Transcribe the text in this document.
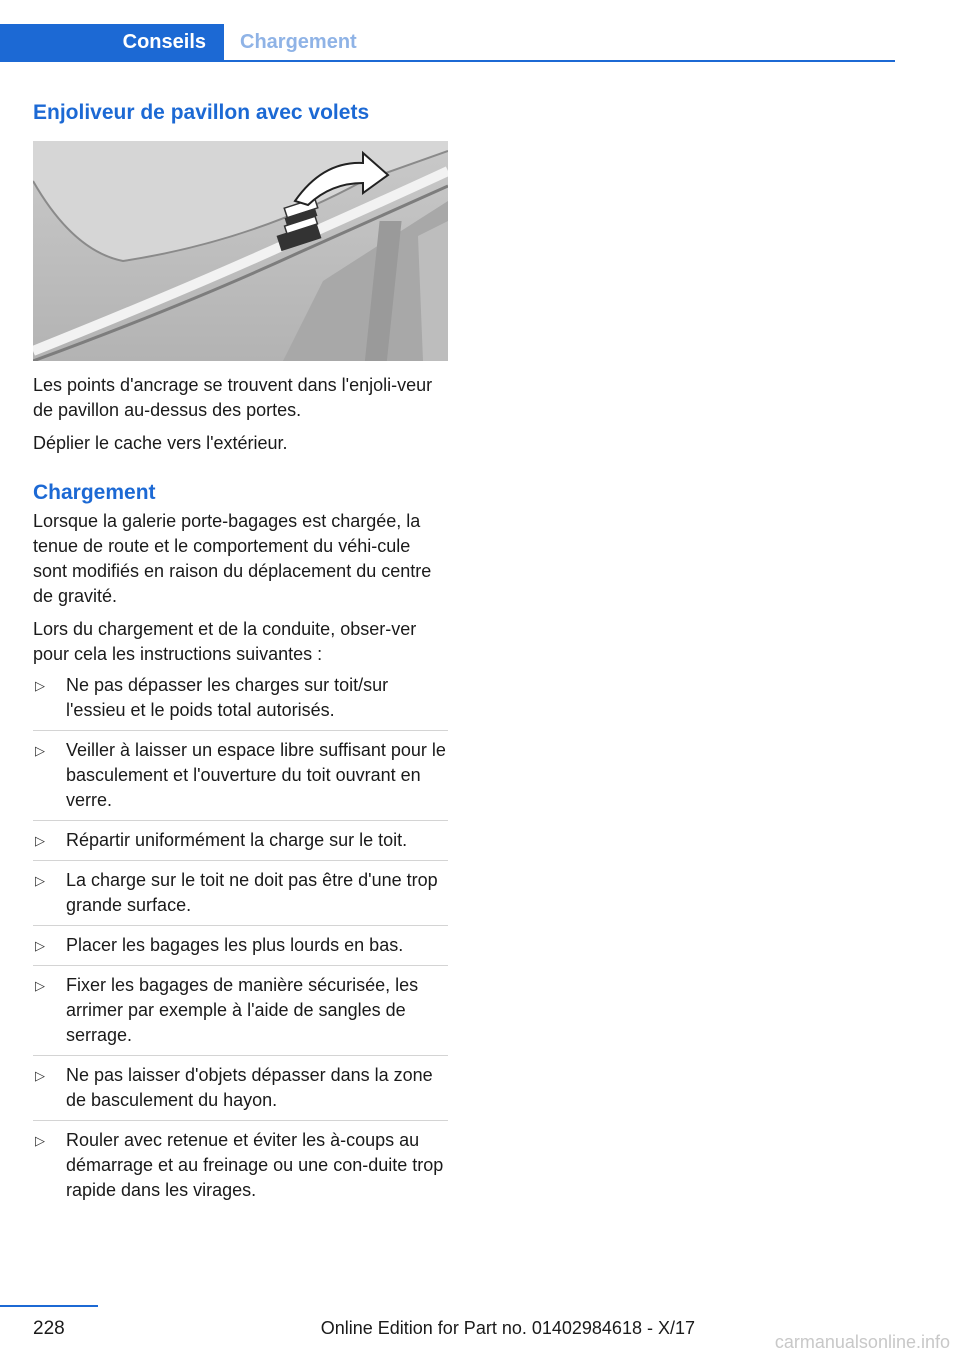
Conseils	Chargement
Enjoliveur de pavillon avec volets

Les points d'ancrage se trouvent dans l'enjoli‐veur de pavillon au-dessus des portes.

Déplier le cache vers l'extérieur.

Chargement

Lorsque la galerie porte-bagages est chargée, la tenue de route et le comportement du véhi‐cule sont modifiés en raison du déplacement du centre de gravité.

Lors du chargement et de la conduite, obser‐ver pour cela les instructions suivantes :

▷ Ne pas dépasser les charges sur toit/sur l'essieu et le poids total autorisés.
▷ Veiller à laisser un espace libre suffisant pour le basculement et l'ouverture du toit ouvrant en verre.
▷ Répartir uniformément la charge sur le toit.
▷ La charge sur le toit ne doit pas être d'une trop grande surface.
▷ Placer les bagages les plus lourds en bas.
▷ Fixer les bagages de manière sécurisée, les arrimer par exemple à l'aide de sangles de serrage.
▷ Ne pas laisser d'objets dépasser dans la zone de basculement du hayon.
▷ Rouler avec retenue et éviter les à-coups au démarrage et au freinage ou une con‐duite trop rapide dans les virages.
228	Online Edition for Part no. 01402984618 - X/17
carmanualsonline.info
